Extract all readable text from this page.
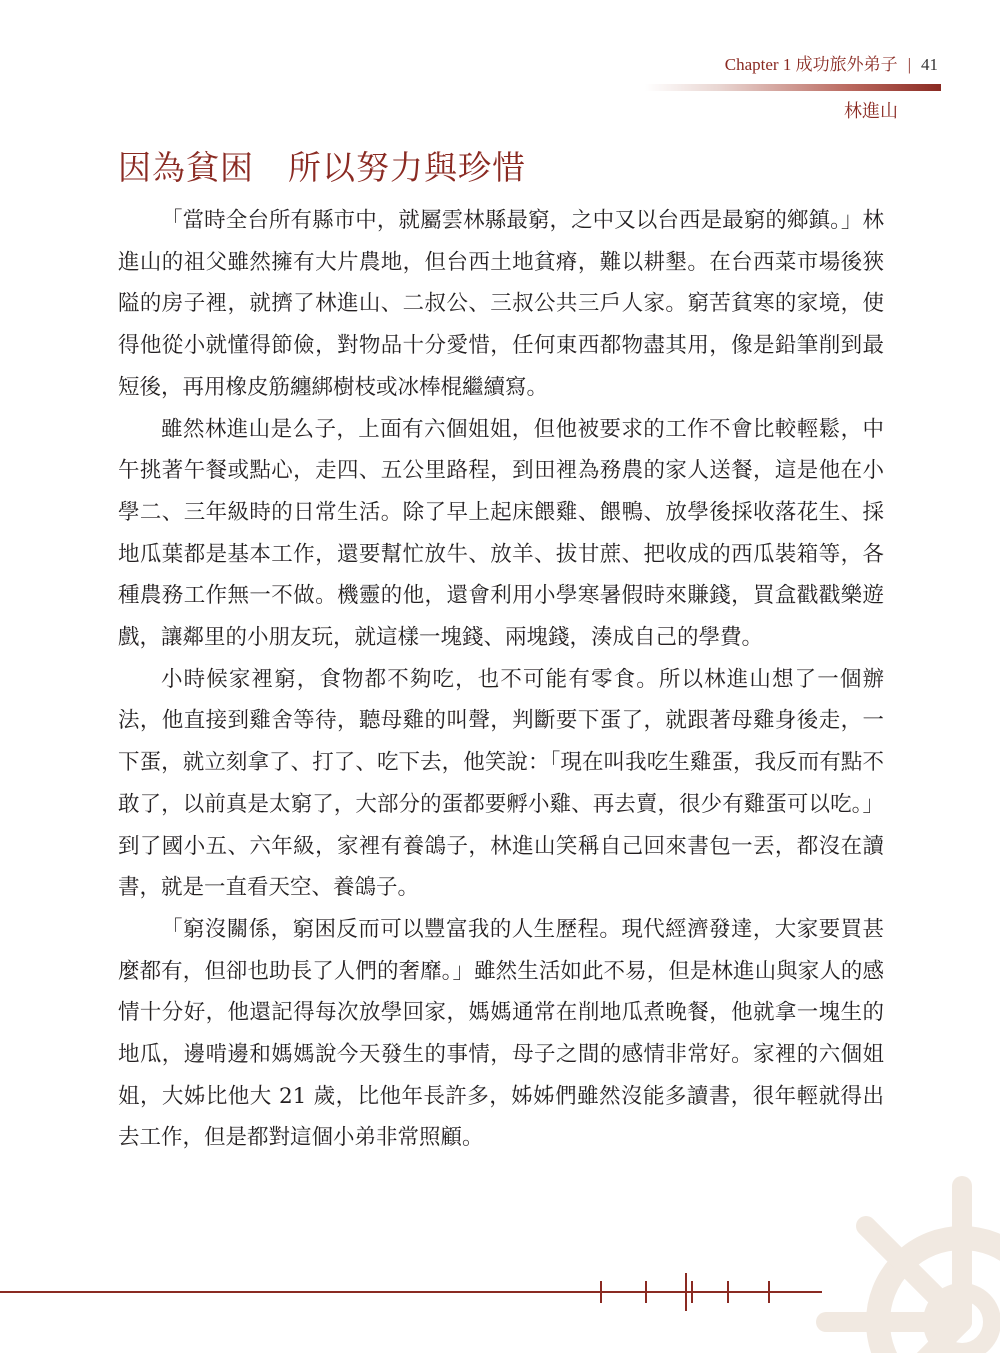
Chapter 1 成功旅外弟子 | 41
林進山
因為貧困　所以努力與珍惜

「當時全台所有縣市中，就屬雲林縣最窮，之中又以台西是最窮的鄉鎮。」林進山的祖父雖然擁有大片農地，但台西土地貧瘠，難以耕墾。在台西菜市場後狹隘的房子裡，就擠了林進山、二叔公、三叔公共三戶人家。窮苦貧寒的家境，使得他從小就懂得節儉，對物品十分愛惜，任何東西都物盡其用，像是鉛筆削到最短後，再用橡皮筋纏綁樹枝或冰棒棍繼續寫。

雖然林進山是么子，上面有六個姐姐，但他被要求的工作不會比較輕鬆，中午挑著午餐或點心，走四、五公里路程，到田裡為務農的家人送餐，這是他在小學二、三年級時的日常生活。除了早上起床餵雞、餵鴨、放學後採收落花生、採地瓜葉都是基本工作，還要幫忙放牛、放羊、拔甘蔗、把收成的西瓜裝箱等，各種農務工作無一不做。機靈的他，還會利用小學寒暑假時來賺錢，買盒戳戳樂遊戲，讓鄰里的小朋友玩，就這樣一塊錢、兩塊錢，湊成自己的學費。

小時候家裡窮，食物都不夠吃，也不可能有零食。所以林進山想了一個辦法，他直接到雞舍等待，聽母雞的叫聲，判斷要下蛋了，就跟著母雞身後走，一下蛋，就立刻拿了、打了、吃下去，他笑說：「現在叫我吃生雞蛋，我反而有點不敢了，以前真是太窮了，大部分的蛋都要孵小雞、再去賣，很少有雞蛋可以吃。」到了國小五、六年級，家裡有養鴿子，林進山笑稱自己回來書包一丟，都沒在讀書，就是一直看天空、養鴿子。

「窮沒關係，窮困反而可以豐富我的人生歷程。現代經濟發達，大家要買甚麼都有，但卻也助長了人們的奢靡。」雖然生活如此不易，但是林進山與家人的感情十分好，他還記得每次放學回家，媽媽通常在削地瓜煮晚餐，他就拿一塊生的地瓜，邊啃邊和媽媽說今天發生的事情，母子之間的感情非常好。家裡的六個姐姐，大姊比他大 21 歲，比他年長許多，姊姊們雖然沒能多讀書，很年輕就得出去工作，但是都對這個小弟非常照顧。
